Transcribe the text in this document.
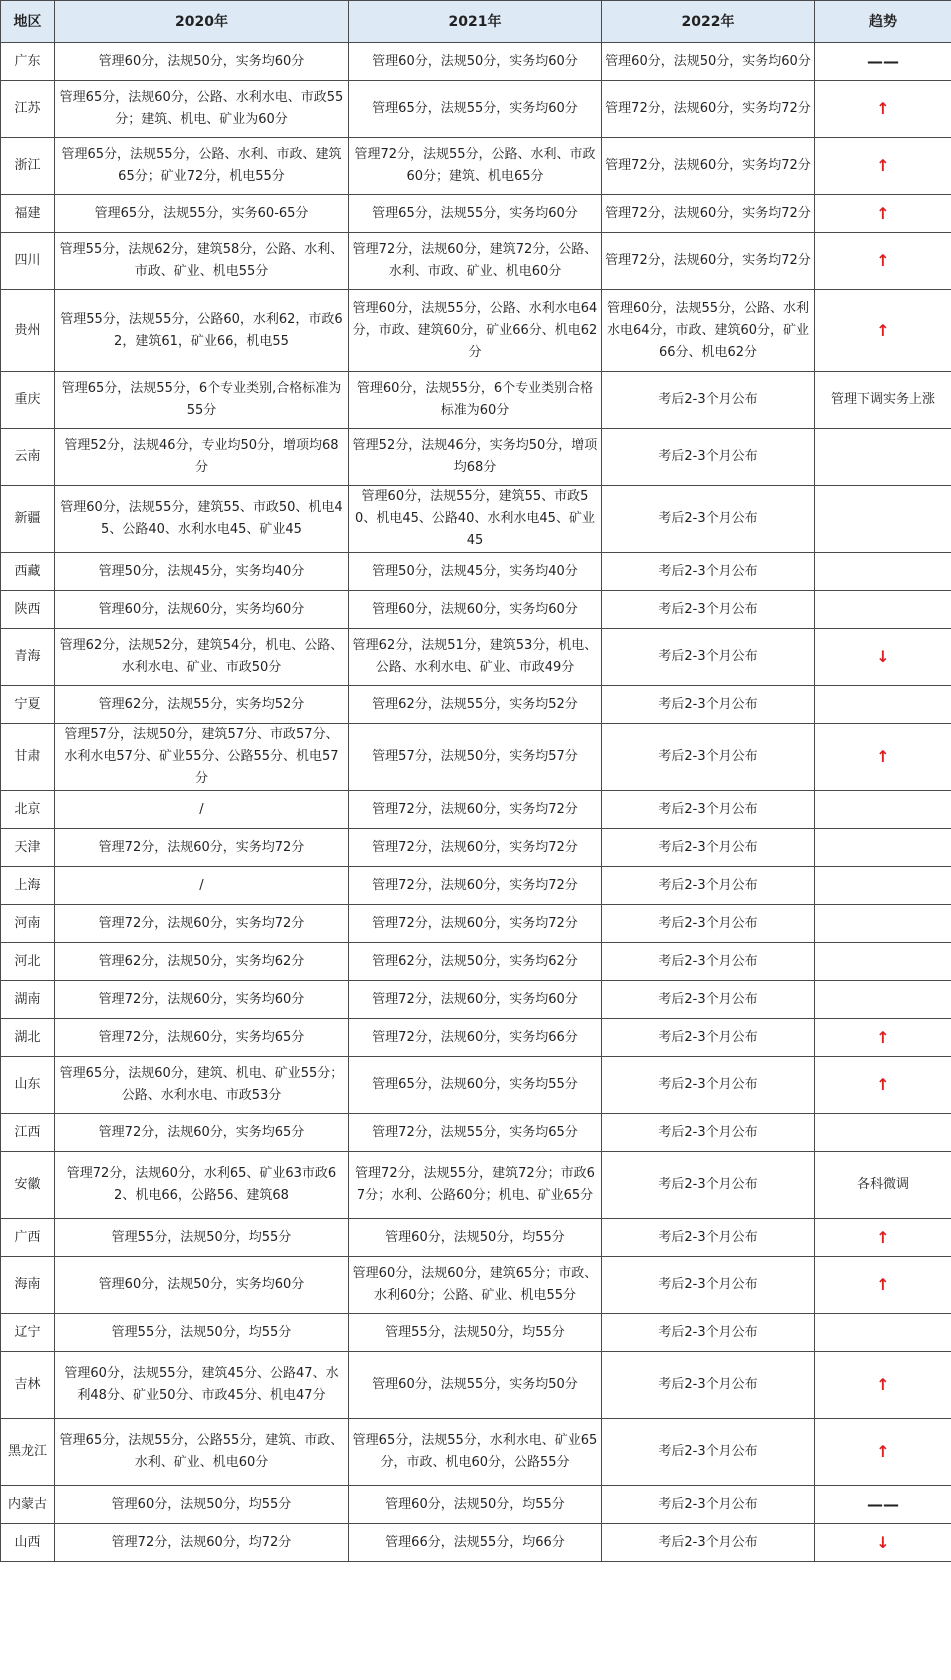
地区	2020年	2021年	2022年	趋势
广东	管理60分，法规50分，实务均60分	管理60分，法规50分，实务均60分	管理60分，法规50分，实务均60分	——
江苏	管理65分，法规60分，公路、水利水电、市政55分；建筑、机电、矿业为60分	管理65分，法规55分，实务均60分	管理72分，法规60分，实务均72分	↑
浙江	管理65分，法规55分，公路、水利、市政、建筑65分；矿业72分，机电55分	管理72分，法规55分，公路、水利、市政60分；建筑、机电65分	管理72分，法规60分，实务均72分	↑
福建	管理65分，法规55分，实务60-65分	管理65分，法规55分，实务均60分	管理72分，法规60分，实务均72分	↑
四川	管理55分，法规62分，建筑58分，公路、水利、市政、矿业、机电55分	管理72分，法规60分，建筑72分，公路、水利、市政、矿业、机电60分	管理72分，法规60分，实务均72分	↑
贵州	管理55分，法规55分，公路60，水利62，市政62，建筑61，矿业66，机电55	管理60分，法规55分，公路、水利水电64分，市政、建筑60分，矿业66分、机电62分	管理60分，法规55分，公路、水利水电64分，市政、建筑60分，矿业66分、机电62分	↑
重庆	管理65分，法规55分，6个专业类别,合格标准为55分	管理60分，法规55分，6个专业类别合格标准为60分	考后2-3个月公布	管理下调实务上涨
云南	管理52分，法规46分，专业均50分，增项均68分	管理52分，法规46分，实务均50分，增项均68分	考后2-3个月公布	
新疆	管理60分，法规55分，建筑55、市政50、机电45、公路40、水利水电45、矿业45	管理60分，法规55分，建筑55、市政50、机电45、公路40、水利水电45、矿业45	考后2-3个月公布	
西藏	管理50分，法规45分，实务均40分	管理50分，法规45分，实务均40分	考后2-3个月公布	
陕西	管理60分，法规60分，实务均60分	管理60分，法规60分，实务均60分	考后2-3个月公布	
青海	管理62分，法规52分，建筑54分，机电、公路、水利水电、矿业、市政50分	管理62分，法规51分，建筑53分，机电、公路、水利水电、矿业、市政49分	考后2-3个月公布	↓
宁夏	管理62分，法规55分，实务均52分	管理62分，法规55分，实务均52分	考后2-3个月公布	
甘肃	管理57分，法规50分，建筑57分、市政57分、水利水电57分、矿业55分、公路55分、机电57分	管理57分，法规50分，实务均57分	考后2-3个月公布	↑
北京	/	管理72分，法规60分，实务均72分	考后2-3个月公布	
天津	管理72分，法规60分，实务均72分	管理72分，法规60分，实务均72分	考后2-3个月公布	
上海	/	管理72分，法规60分，实务均72分	考后2-3个月公布	
河南	管理72分，法规60分，实务均72分	管理72分，法规60分，实务均72分	考后2-3个月公布	
河北	管理62分，法规50分，实务均62分	管理62分，法规50分，实务均62分	考后2-3个月公布	
湖南	管理72分，法规60分，实务均60分	管理72分，法规60分，实务均60分	考后2-3个月公布	
湖北	管理72分，法规60分，实务均65分	管理72分，法规60分，实务均66分	考后2-3个月公布	↑
山东	管理65分，法规60分，建筑、机电、矿业55分；公路、水利水电、市政53分	管理65分，法规60分，实务均55分	考后2-3个月公布	↑
江西	管理72分，法规60分，实务均65分	管理72分，法规55分，实务均65分	考后2-3个月公布	
安徽	管理72分，法规60分，水利65、矿业63市政62、机电66，公路56、建筑68	管理72分，法规55分，建筑72分；市政67分；水利、公路60分；机电、矿业65分	考后2-3个月公布	各科微调
广西	管理55分，法规50分，均55分	管理60分，法规50分，均55分	考后2-3个月公布	↑
海南	管理60分，法规50分，实务均60分	管理60分，法规60分，建筑65分；市政、水利60分；公路、矿业、机电55分	考后2-3个月公布	↑
辽宁	管理55分，法规50分，均55分	管理55分，法规50分，均55分	考后2-3个月公布	
吉林	管理60分，法规55分，建筑45分、公路47、水利48分、矿业50分、市政45分、机电47分	管理60分，法规55分，实务均50分	考后2-3个月公布	↑
黑龙江	管理65分，法规55分，公路55分，建筑、市政、水利、矿业、机电60分	管理65分，法规55分，水利水电、矿业65分，市政、机电60分，公路55分	考后2-3个月公布	↑
内蒙古	管理60分，法规50分，均55分	管理60分，法规50分，均55分	考后2-3个月公布	——
山西	管理72分，法规60分，均72分	管理66分，法规55分，均66分	考后2-3个月公布	↓
